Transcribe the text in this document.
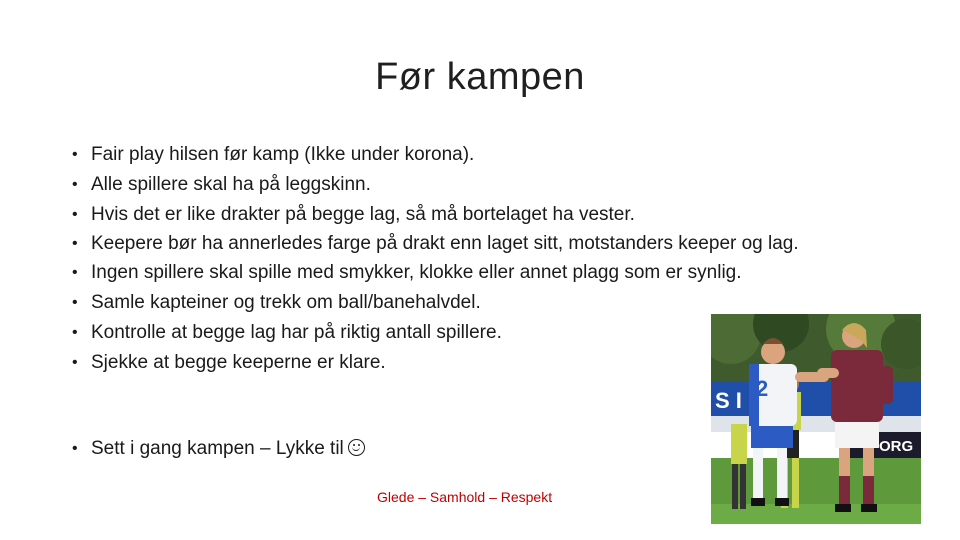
Før kampen
• Fair play hilsen før kamp (Ikke under korona).
• Alle spillere skal ha på leggskinn.
• Hvis det er like drakter på begge lag, så må bortelaget ha vester.
• Keepere bør ha annerledes farge på drakt enn laget sitt, motstanders keeper og lag.
• Ingen spillere skal spille med smykker, klokke eller annet plagg som er synlig.
• Samle kapteiner og trekk om ball/banehalvdel.
• Kontrolle at begge lag har på riktig antall spillere.
• Sjekke at begge keeperne er klare.
• Sett i gang kampen – Lykke til
Glede – Samhold – Respekt
S I
ORG
2
